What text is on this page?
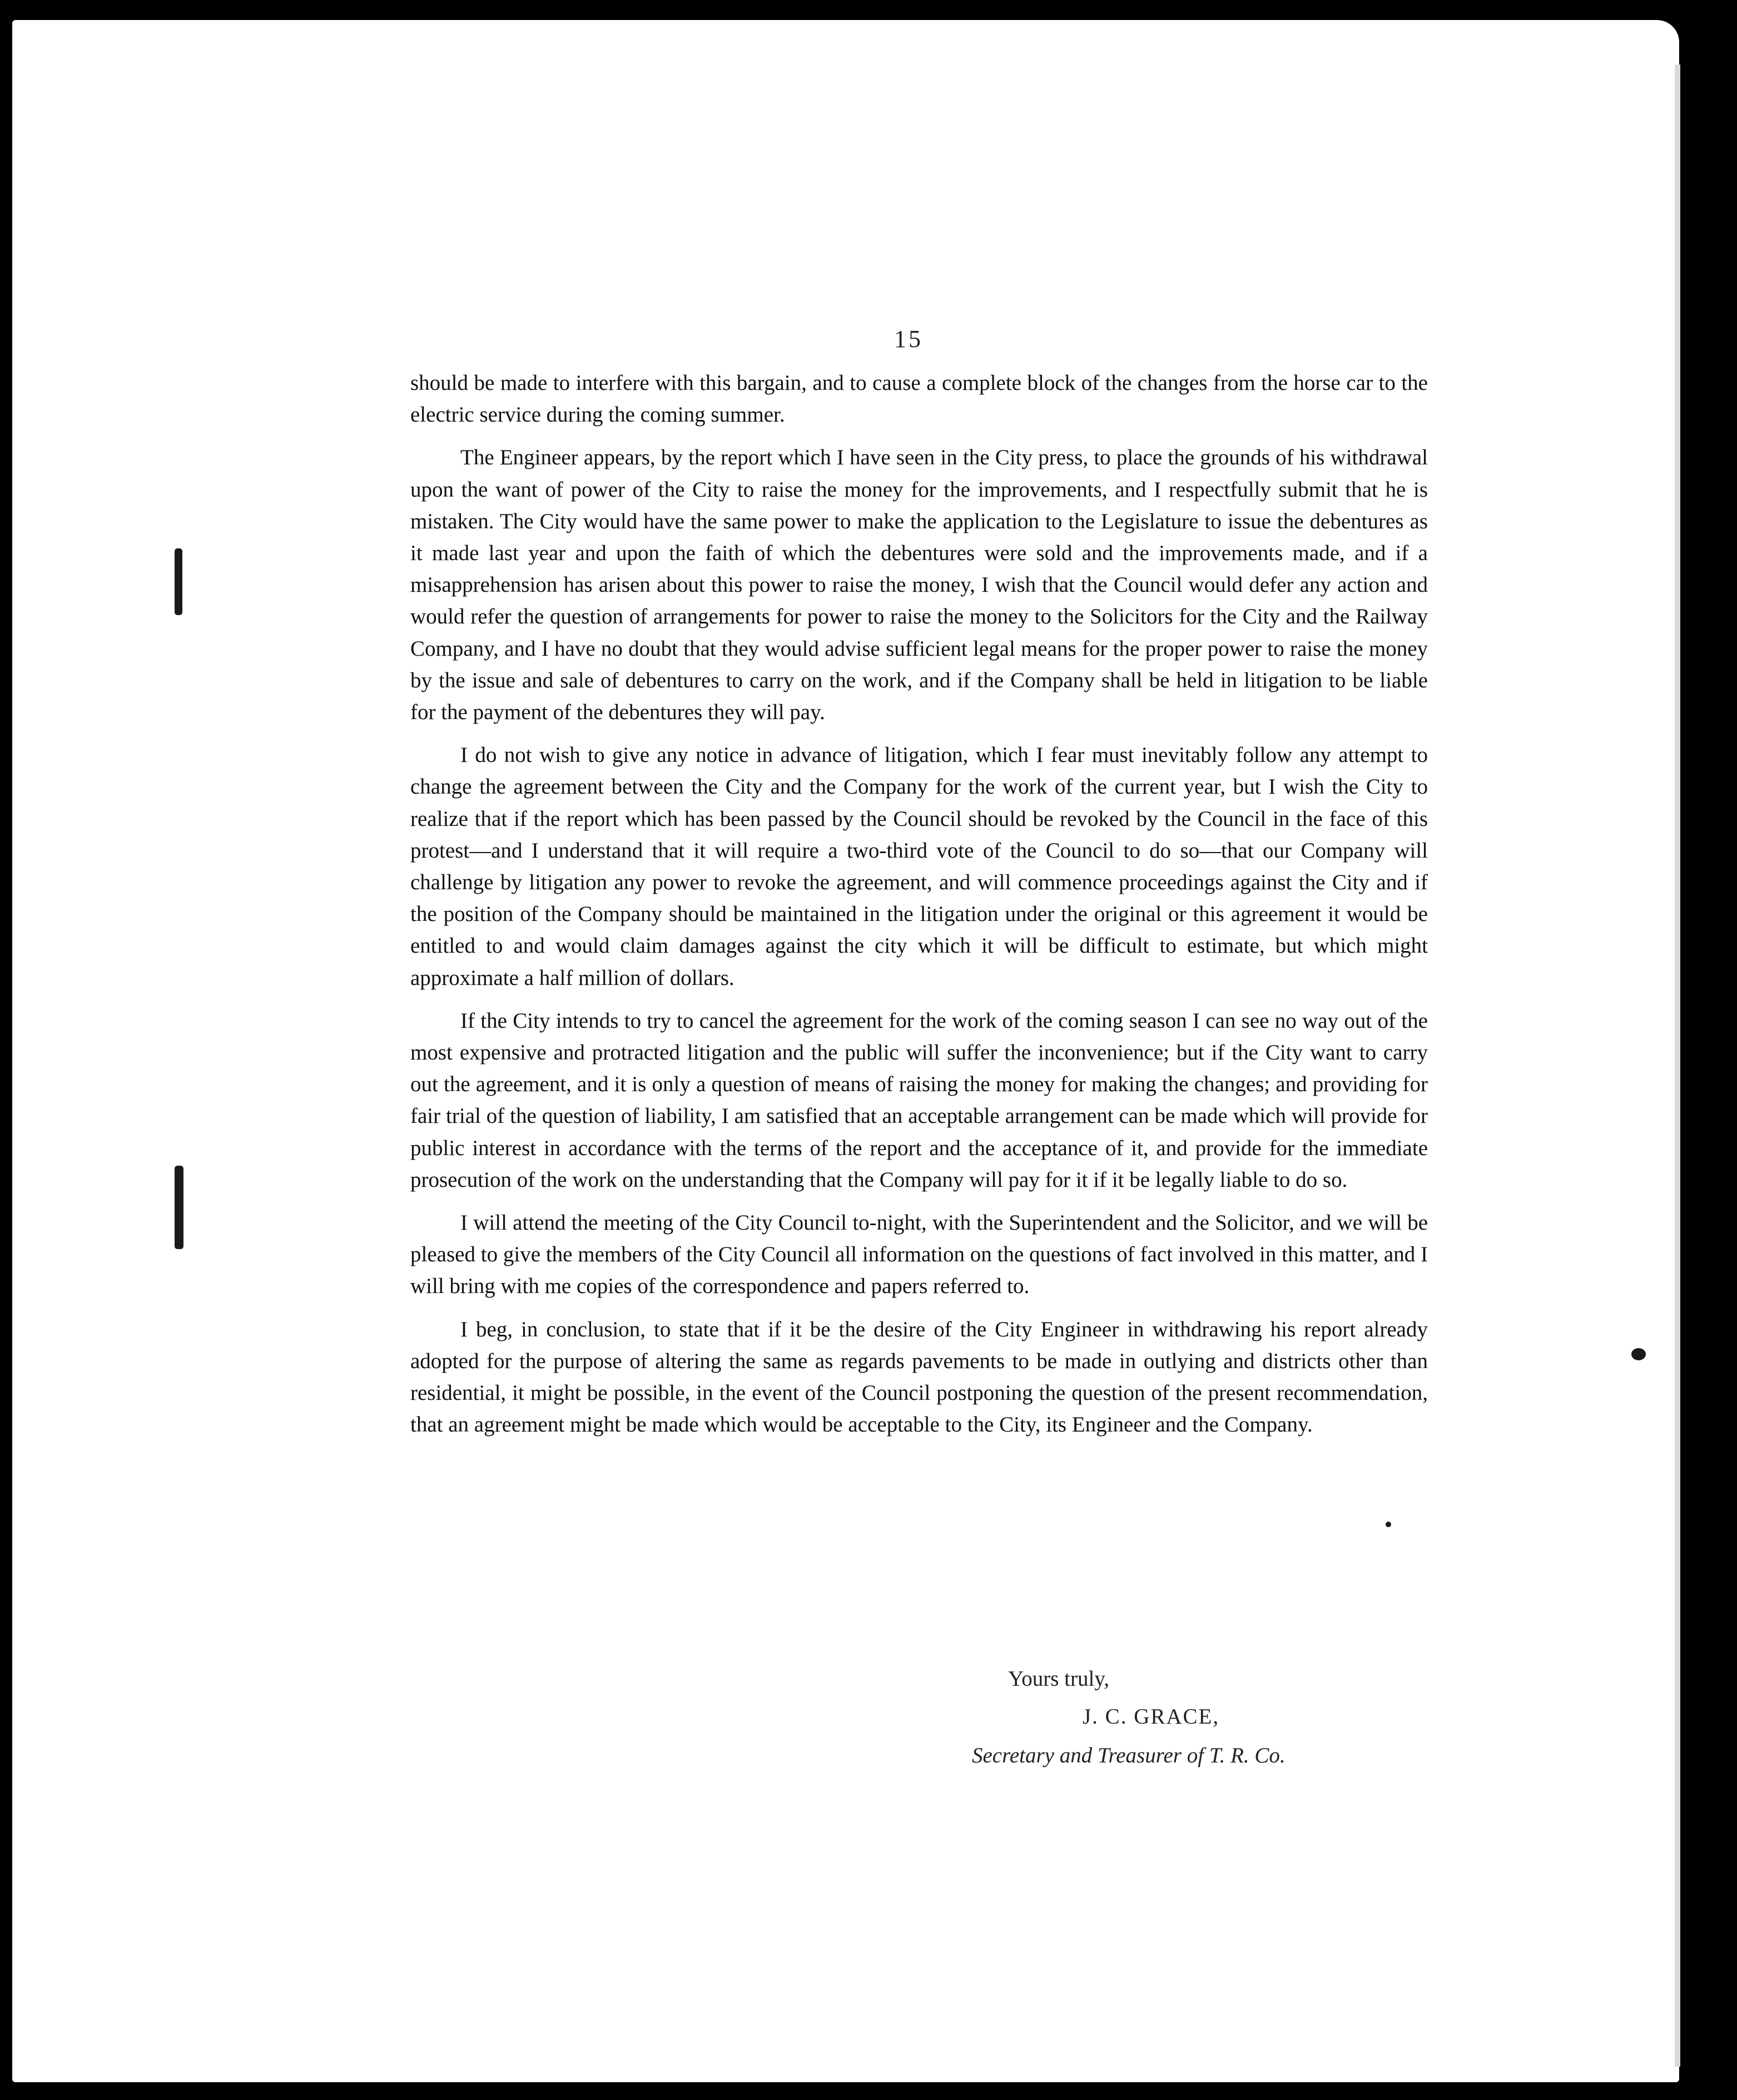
15

should be made to interfere with this bargain, and to cause a complete block of the changes from the horse car to the electric service during the coming summer.

The Engineer appears, by the report which I have seen in the City press, to place the grounds of his withdrawal upon the want of power of the City to raise the money for the improvements, and I respectfully submit that he is mistaken. The City would have the same power to make the application to the Legislature to issue the debentures as it made last year and upon the faith of which the debentures were sold and the improvements made, and if a misapprehension has arisen about this power to raise the money, I wish that the Council would defer any action and would refer the question of arrangements for power to raise the money to the Solicitors for the City and the Railway Company, and I have no doubt that they would advise sufficient legal means for the proper power to raise the money by the issue and sale of debentures to carry on the work, and if the Company shall be held in litigation to be liable for the payment of the debentures they will pay.

I do not wish to give any notice in advance of litigation, which I fear must inevitably follow any attempt to change the agreement between the City and the Company for the work of the current year, but I wish the City to realize that if the report which has been passed by the Council should be revoked by the Council in the face of this protest—and I understand that it will require a two-third vote of the Council to do so—that our Company will challenge by litigation any power to revoke the agreement, and will commence proceedings against the City and if the position of the Company should be maintained in the litigation under the original or this agreement it would be entitled to and would claim damages against the city which it will be difficult to estimate, but which might approximate a half million of dollars.

If the City intends to try to cancel the agreement for the work of the coming season I can see no way out of the most expensive and protracted litigation and the public will suffer the inconvenience; but if the City want to carry out the agreement, and it is only a question of means of raising the money for making the changes; and providing for fair trial of the question of liability, I am satisfied that an acceptable arrangement can be made which will provide for public interest in accordance with the terms of the report and the acceptance of it, and provide for the immediate prosecution of the work on the understanding that the Company will pay for it if it be legally liable to do so.

I will attend the meeting of the City Council to-night, with the Superintendent and the Solicitor, and we will be pleased to give the members of the City Council all information on the questions of fact involved in this matter, and I will bring with me copies of the correspondence and papers referred to.

I beg, in conclusion, to state that if it be the desire of the City Engineer in withdrawing his report already adopted for the purpose of altering the same as regards pavements to be made in outlying and districts other than residential, it might be possible, in the event of the Council postponing the question of the present recommendation, that an agreement might be made which would be acceptable to the City, its Engineer and the Company.

Yours truly,
J. C. GRACE,
Secretary and Treasurer of T. R. Co.
